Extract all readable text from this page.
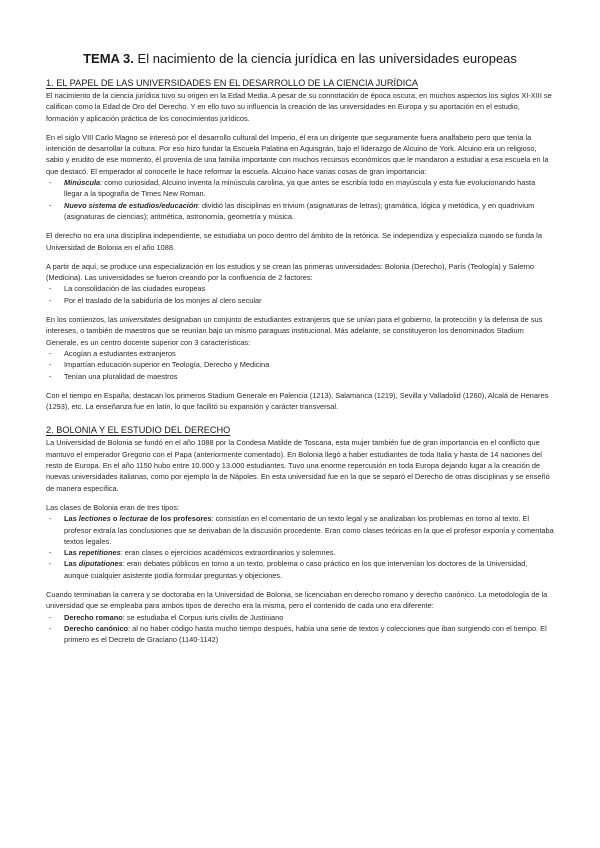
TEMA 3. El nacimiento de la ciencia jurídica en las universidades europeas
1. EL PAPEL DE LAS UNIVERSIDADES EN EL DESARROLLO DE LA CIENCIA JURÍDICA

El nacimiento de la ciencia jurídica tuvo su origen en la Edad Media. A pesar de su connotación de época oscura, en muchos aspectos los siglos XI-XIII se califican como la Edad de Oro del Derecho. Y en ello tuvo su influencia la creación de las universidades en Europa y su aportación en el estudio, formación y aplicación práctica de los conocimientos jurídicos.

En el siglo VIII Carlo Magno se interesó por el desarrollo cultural del Imperio, él era un dirigente que seguramente fuera analfabeto pero que tenía la intención de desarrollar la cultura. Por eso hizo fundar la Escuela Palatina en Aquisgrán, bajo el liderazgo de Alcuino de York. Alcuino era un religioso, sabio y erudito de ese momento, él provenía de una familia importante con muchos recursos económicos que le mandaron a estudiar a esa escuela en la que destacó. El emperador al conocerle le hace reformar la escuela. Alcuino hace varias cosas de gran importancia:

- Minúscula: como curiosidad, Alcuino inventa la minúscula carolina, ya que antes se escribía todo en mayúscula y esta fue evolucionando hasta llegar a la tipografía de Times New Roman.
- Nuevo sistema de estudios/educación: dividió las disciplinas en trivium (asignaturas de letras); gramática, lógica y metódica, y en quadrivium (asignaturas de ciencias); aritmética, astronomía, geometría y música.

El derecho no era una disciplina independiente, se estudiaba un poco dentro del ámbito de la retórica. Se independiza y especializa cuando se funda la Universidad de Bolonia en el año 1088.

A partir de aquí, se produce una especialización en los estudios y se crean las primeras universidades: Bolonia (Derecho), París (Teología) y Salerno (Medicina). Las universidades se fueron creando por la confluencia de 2 factores:

- La consolidación de las ciudades europeas
- Por el traslado de la sabiduría de los monjes al clero secular

En los comienzos, las universitates designaban un conjunto de estudiantes extranjeros que se unían para el gobierno, la protección y la defensa de sus intereses, o también de maestros que se reunían bajo un mismo paraguas institucional. Más adelante, se constituyeron los denominados Stadium Generale, es un centro docente superior con 3 características:

- Acogían a estudiantes extranjeros
- Impartían educación superior en Teología, Derecho y Medicina
- Tenían una pluralidad de maestros

Con el tiempo en España, destacan los primeros Stadium Generale en Palencia (1213), Salamanca (1219), Sevilla y Valladolid (1260), Alcalá de Henares (1293), etc. La enseñanza fue en latín, lo que facilitó su expansión y carácter transversal.

2. BOLONIA Y EL ESTUDIO DEL DERECHO

La Universidad de Bolonia se fundó en el año 1088 por la Condesa Matilde de Toscana, esta mujer también fue de gran importancia en el conflicto que mantuvo el emperador Gregorio con el Papa (anteriormente comentado). En Bolonia llegó a haber estudiantes de toda Italia y hasta de 14 naciones del resto de Europa. En el año 1150 hubo entre 10.000 y 13.000 estudiantes. Tuvo una enorme repercusión en toda Europa dejando lugar a la creación de nuevas universidades italianas, como por ejemplo la de Nápoles. En esta universidad fue en la que se separó el Derecho de otras disciplinas y se enseñó de manera específica.

Las clases de Bolonia eran de tres tipos:

- Las lectiones o lecturae de los profesores: consistían en el comentario de un texto legal y se analizaban los problemas en torno al texto. El profesor extraía las conclusiones que se derivaban de la discusión procedente. Eran como clases teóricas en la que el profesor exponía y comentaba textos legales.
- Las repetitiones: eran clases o ejercicios académicos extraordinarios y solemnes.
- Las diputationes: eran debates públicos en torno a un texto, problema o caso práctico en los que intervenían los doctores de la Universidad, aunque cualquier asistente podía formular preguntas y objeciones.

Cuando terminaban la carrera y se doctoraba en la Universidad de Bolonia, se licenciaban en derecho romano y derecho canónico. La metodología de la universidad que se empleaba para ambos tipos de derecho era la misma, pero el contenido de cada uno era diferente:

- Derecho romano: se estudiaba el Corpus iuris civilis de Justiniano
- Derecho canónico: al no haber código hasta mucho tiempo después, había una serie de textos y colecciones que iban surgiendo con el tiempo. El primero es el Decreto de Graciano (1140-1142)
